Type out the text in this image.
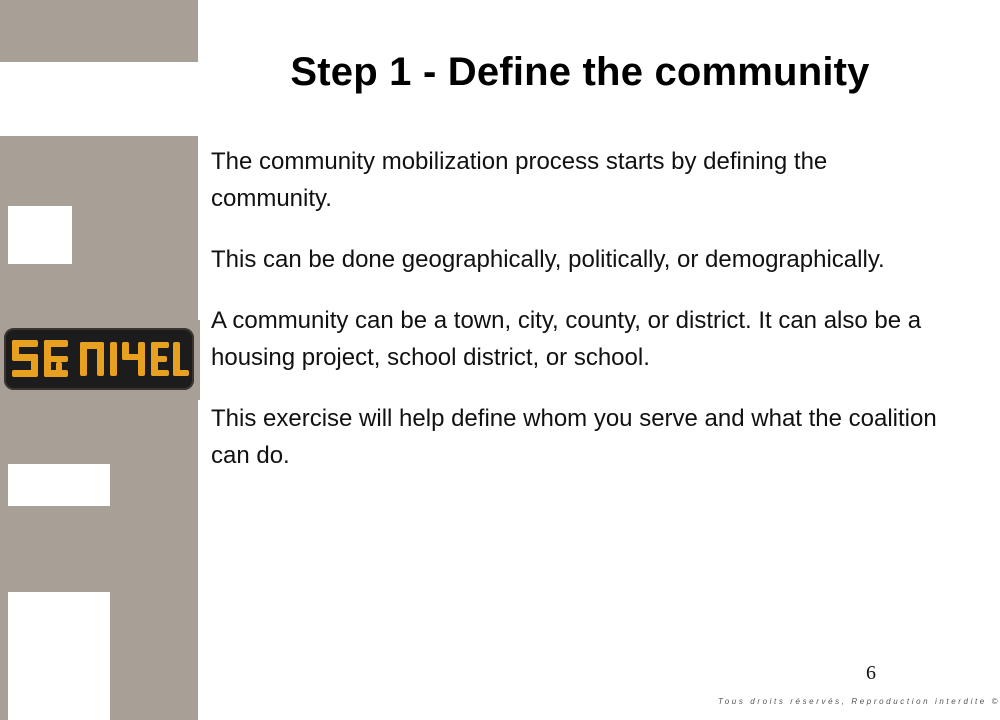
Step 1 - Define the community

The community mobilization process starts by defining the community.

This can be done geographically, politically, or demographically.

A community can be a town, city, county, or district. It can also be a housing project, school district, or school.

This exercise will help define whom you serve and what the coalition can do.

6
Tous droits réservés, Reproduction interdite ©
